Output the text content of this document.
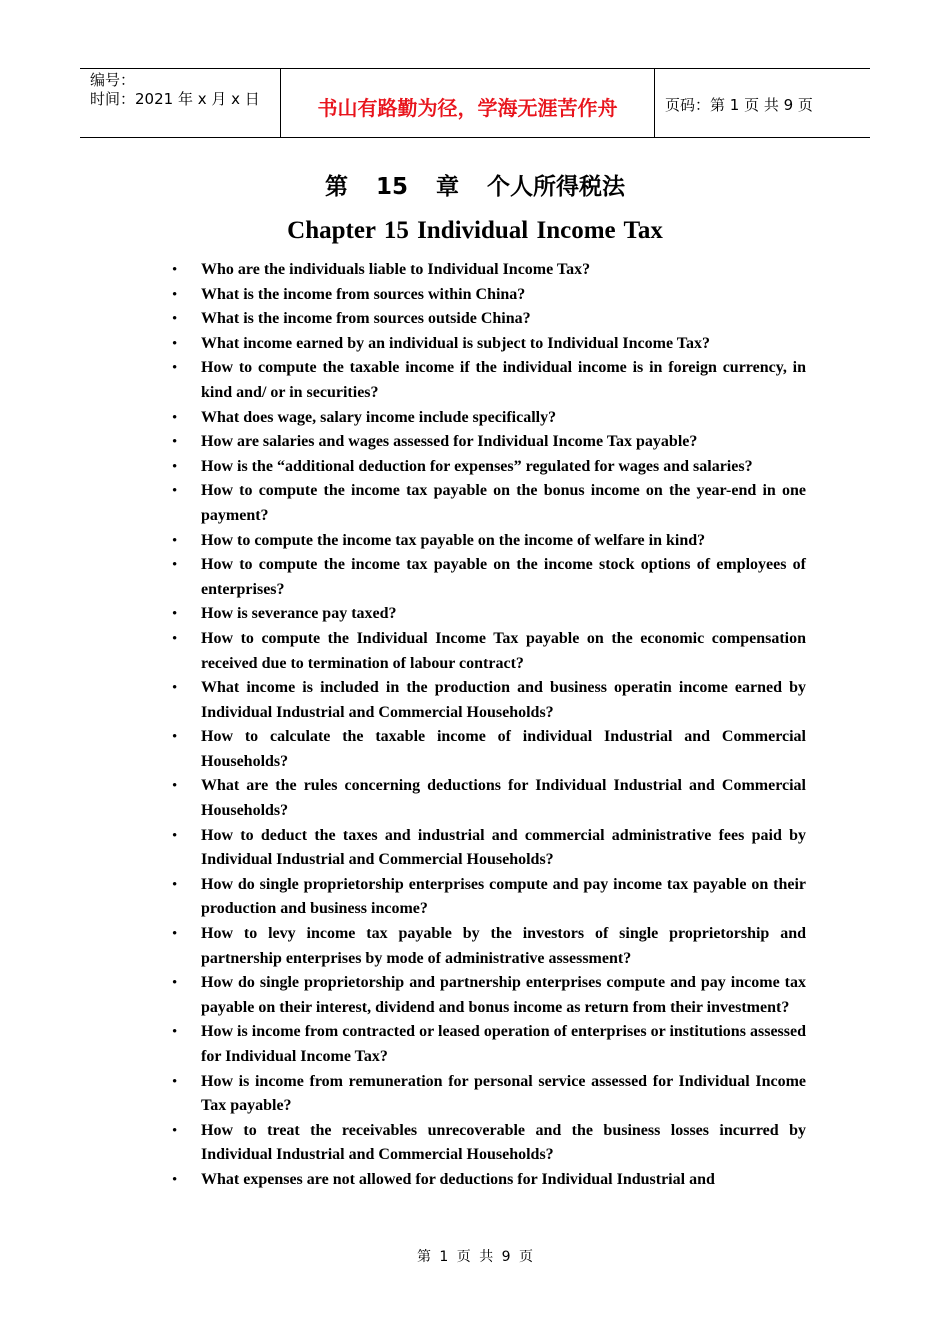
编号：
时间：2021 年 x 月 x 日	书山有路勤为径，学海无涯苦作舟	页码：第 1 页 共 9 页
第 15 章 个人所得税法
Chapter 15 Individual Income Tax
• Who are the individuals liable to Individual Income Tax?
• What is the income from sources within China?
• What is the income from sources outside China?
• What income earned by an individual is subject to Individual Income Tax?
• How to compute the taxable income if the individual income is in foreign currency, in kind and/ or in securities?
• What does wage, salary income include specifically?
• How are salaries and wages assessed for Individual Income Tax payable?
• How is the “additional deduction for expenses” regulated for wages and salaries?
• How to compute the income tax payable on the bonus income on the year-end in one payment?
• How to compute the income tax payable on the income of welfare in kind?
• How to compute the income tax payable on the income stock options of employees of enterprises?
• How is severance pay taxed?
• How to compute the Individual Income Tax payable on the economic compensation received due to termination of labour contract?
• What income is included in the production and business operatin income earned by Individual Industrial and Commercial Households?
• How to calculate the taxable income of individual Industrial and Commercial Households?
• What are the rules concerning deductions for Individual Industrial and Commercial Households?
• How to deduct the taxes and industrial and commercial administrative fees paid by Individual Industrial and Commercial Households?
• How do single proprietorship enterprises compute and pay income tax payable on their production and business income?
• How to levy income tax payable by the investors of single proprietorship and partnership enterprises by mode of administrative assessment?
• How do single proprietorship and partnership enterprises compute and pay income tax payable on their interest, dividend and bonus income as return from their investment?
• How is income from contracted or leased operation of enterprises or institutions assessed for Individual Income Tax?
• How is income from remuneration for personal service assessed for Individual Income Tax payable?
• How to treat the receivables unrecoverable and the business losses incurred by Individual Industrial and Commercial Households?
• What expenses are not allowed for deductions for Individual Industrial and
第 1 页 共 9 页
